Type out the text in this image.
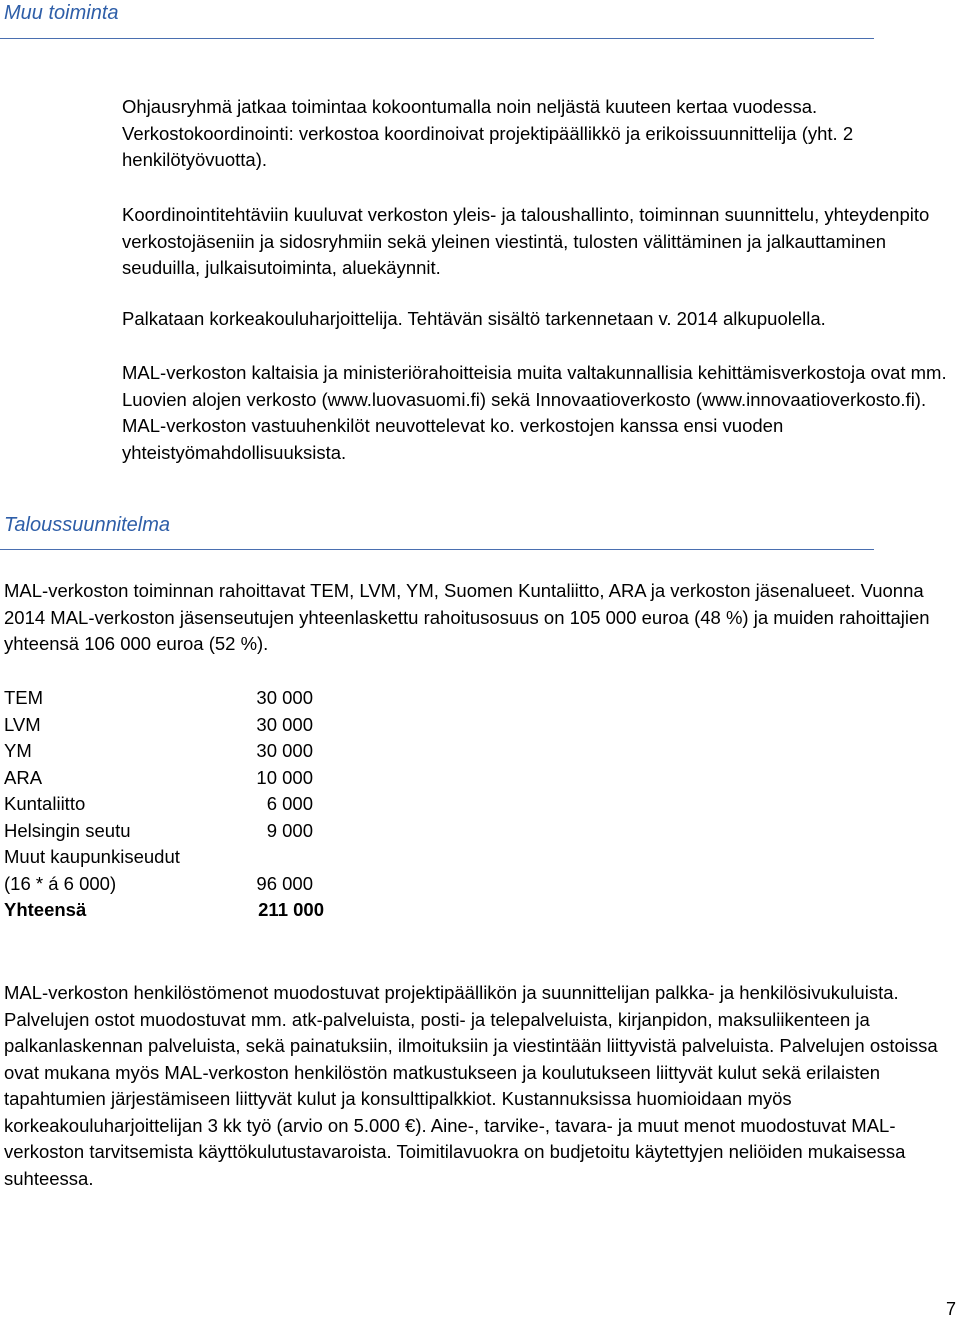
Muu toiminta

Ohjausryhmä jatkaa toimintaa kokoontumalla noin neljästä kuuteen kertaa vuodessa. Verkostokoordinointi: verkostoa koordinoivat projektipäällikkö ja erikoissuunnittelija (yht. 2 henkilötyövuotta).

Koordinointitehtäviin kuuluvat verkoston yleis- ja taloushallinto, toiminnan suunnittelu, yhteydenpito verkostojäseniin ja sidosryhmiin sekä yleinen viestintä, tulosten välittäminen ja jalkauttaminen seuduilla, julkaisutoiminta, aluekäynnit.

Palkataan korkeakouluharjoittelija. Tehtävän sisältö tarkennetaan v. 2014 alkupuolella.

MAL-verkoston kaltaisia ja ministeriörahoitteisia muita valtakunnallisia kehittämisverkostoja ovat mm. Luovien alojen verkosto (www.luovasuomi.fi) sekä Innovaatioverkosto (www.innovaatioverkosto.fi). MAL-verkoston vastuuhenkilöt neuvottelevat ko. verkostojen kanssa ensi vuoden yhteistyömahdollisuuksista.

Taloussuunnitelma

MAL-verkoston toiminnan rahoittavat TEM, LVM, YM, Suomen Kuntaliitto, ARA ja verkoston jäsenalueet. Vuonna 2014 MAL-verkoston jäsenseutujen yhteenlaskettu rahoitusosuus on 105 000 euroa (48 %) ja muiden rahoittajien yhteensä 106 000 euroa (52 %).

TEM	30 000
LVM	30 000
YM	30 000
ARA	10 000
Kuntaliitto	6 000
Helsingin seutu	9 000
Muut kaupunkiseudut
(16 * á 6 000)	96 000
Yhteensä	211 000

MAL-verkoston henkilöstömenot muodostuvat projektipäällikön ja suunnittelijan palkka- ja henkilösivukuluista. Palvelujen ostot muodostuvat mm. atk-palveluista, posti- ja telepalveluista, kirjanpidon, maksuliikenteen ja palkanlaskennan palveluista, sekä painatuksiin, ilmoituksiin ja viestintään liittyvistä palveluista. Palvelujen ostoissa ovat mukana myös MAL-verkoston henkilöstön matkustukseen ja koulutukseen liittyvät kulut sekä erilaisten tapahtumien järjestämiseen liittyvät kulut ja konsulttipalkkiot. Kustannuksissa huomioidaan myös korkeakouluharjoittelijan 3 kk työ (arvio on 5.000 €). Aine-, tarvike-, tavara- ja muut menot muodostuvat MAL-verkoston tarvitsemista käyttökulutustavaroista. Toimitilavuokra on budjetoitu käytettyjen neliöiden mukaisessa suhteessa.

7
